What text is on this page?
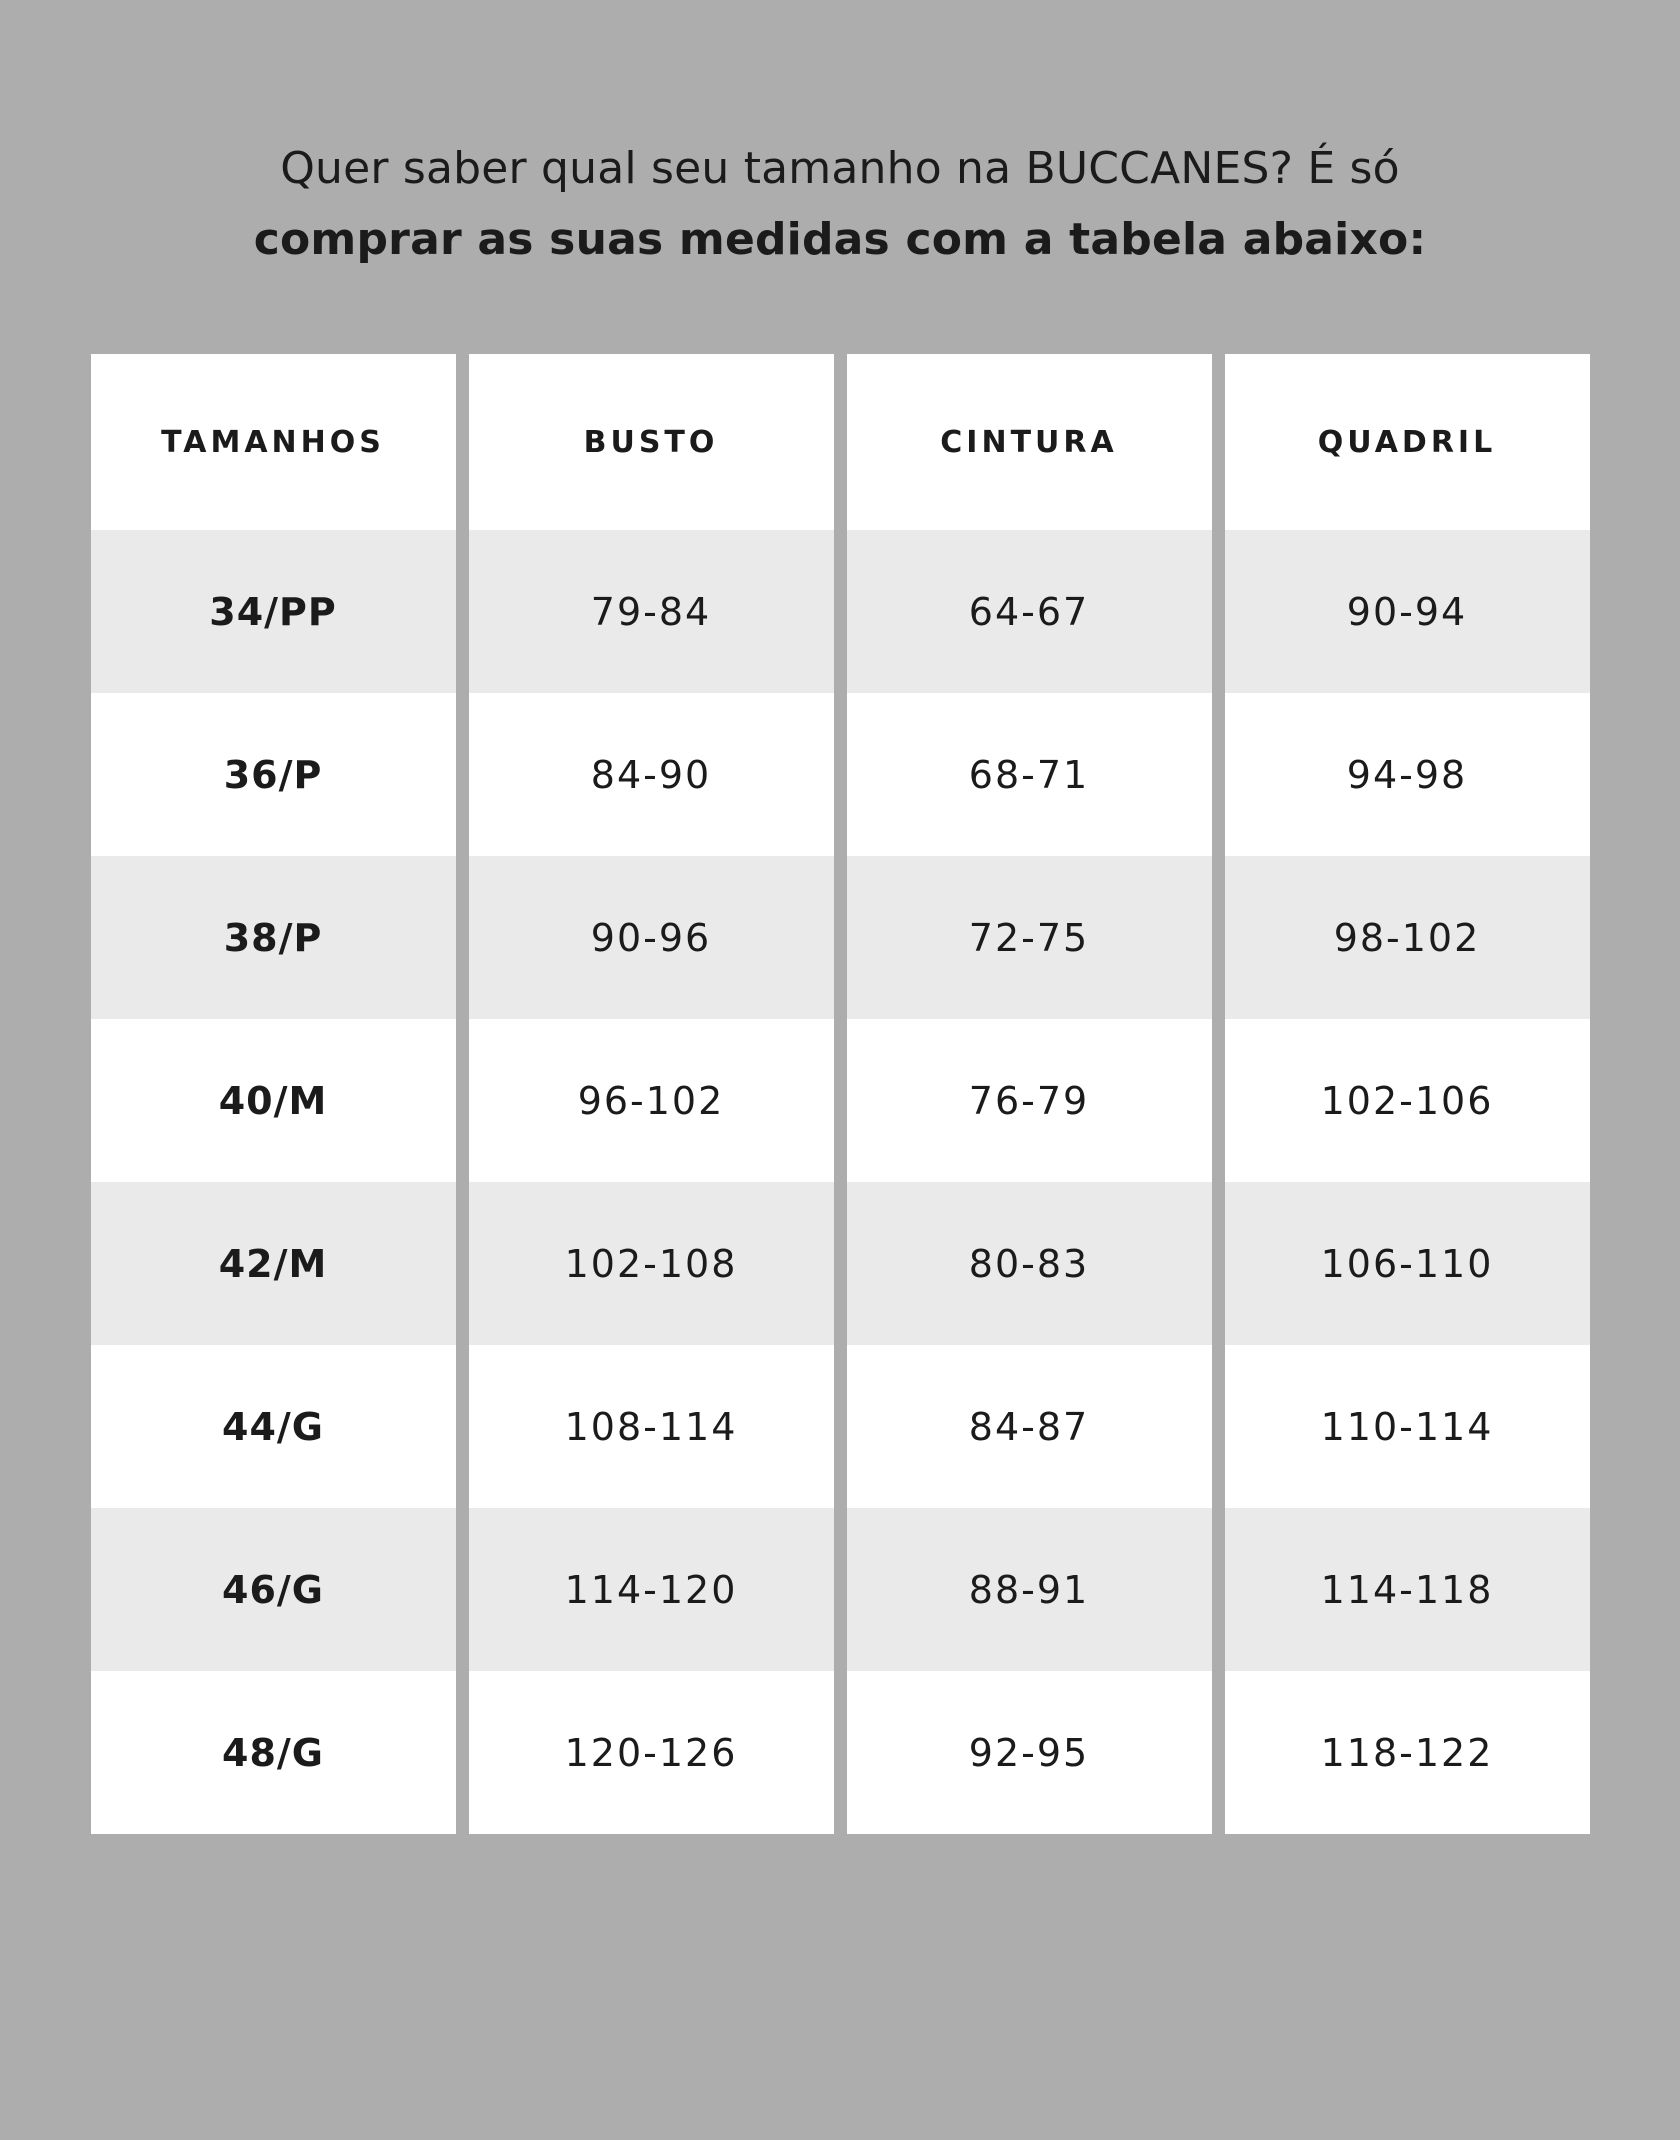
Quer saber qual seu tamanho na BUCCANES? É só
comprar as suas medidas com a tabela abaixo:
TAMANHOS	BUSTO	CINTURA	QUADRIL
34/PP	79-84	64-67	90-94
36/P	84-90	68-71	94-98
38/P	90-96	72-75	98-102
40/M	96-102	76-79	102-106
42/M	102-108	80-83	106-110
44/G	108-114	84-87	110-114
46/G	114-120	88-91	114-118
48/G	120-126	92-95	118-122
